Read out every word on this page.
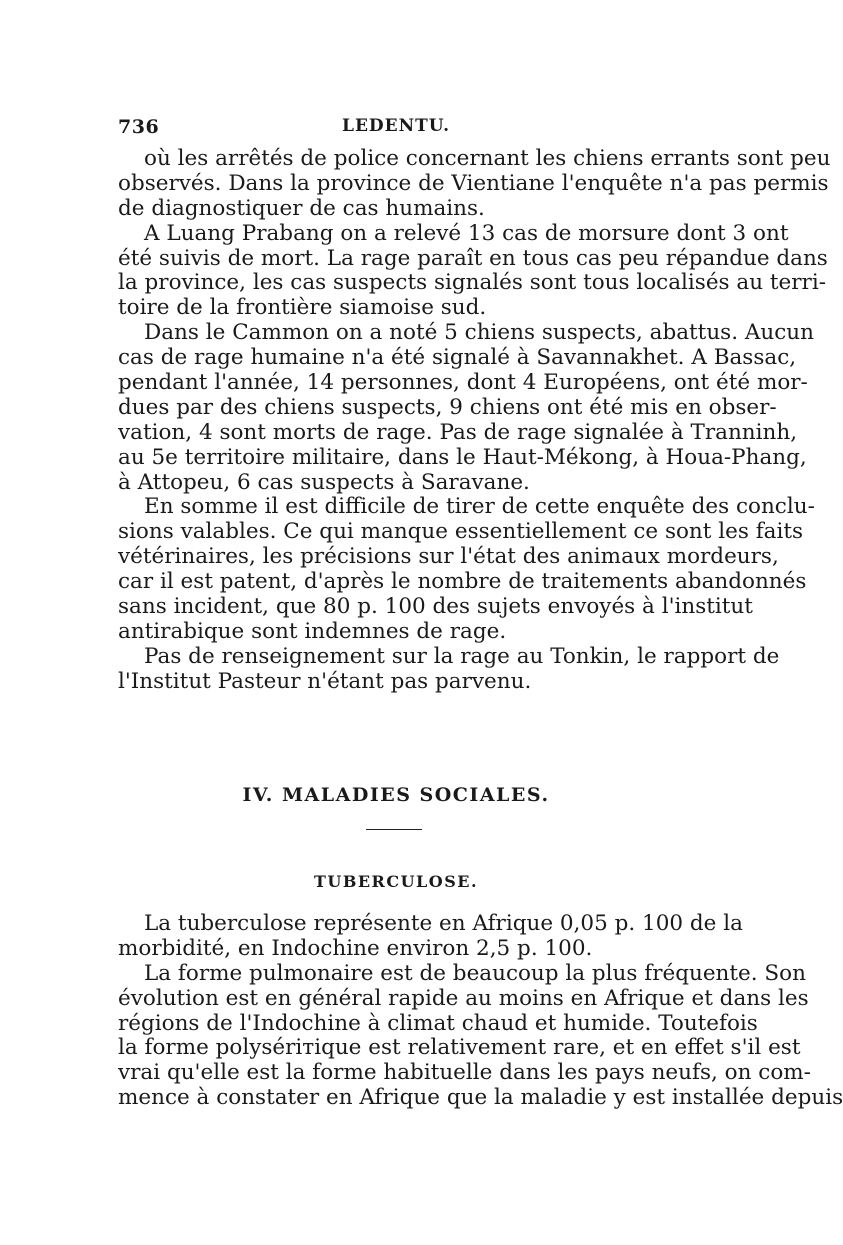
736	LEDENTU.
où les arrêtés de police concernant les chiens errants sont peu
observés. Dans la province de Vientiane l'enquête n'a pas permis
de diagnostiquer de cas humains.
A Luang Prabang on a relevé 13 cas de morsure dont 3 ont
été suivis de mort. La rage paraît en tous cas peu répandue dans
la province, les cas suspects signalés sont tous localisés au terri-
toire de la frontière siamoise sud.
Dans le Cammon on a noté 5 chiens suspects, abattus. Aucun
cas de rage humaine n'a été signalé à Savannakhet. A Bassac,
pendant l'année, 14 personnes, dont 4 Européens, ont été mor-
dues par des chiens suspects, 9 chiens ont été mis en obser-
vation, 4 sont morts de rage. Pas de rage signalée à Tranninh,
au 5e territoire militaire, dans le Haut-Mékong, à Houa-Phang,
à Attopeu, 6 cas suspects à Saravane.
En somme il est difficile de tirer de cette enquête des conclu-
sions valables. Ce qui manque essentiellement ce sont les faits
vétérinaires, les précisions sur l'état des animaux mordeurs,
car il est patent, d'après le nombre de traitements abandonnés
sans incident, que 80 p. 100 des sujets envoyés à l'institut
antirabique sont indemnes de rage.
Pas de renseignement sur la rage au Tonkin, le rapport de
l'Institut Pasteur n'étant pas parvenu.
IV. MALADIES SOCIALES.
TUBERCULOSE.
La tuberculose représente en Afrique 0,05 p. 100 de la
morbidité, en Indochine environ 2,5 p. 100.
La forme pulmonaire est de beaucoup la plus fréquente. Son
évolution est en général rapide au moins en Afrique et dans les
régions de l'Indochine à climat chaud et humide. Toutefois
la forme polysériтique est relativement rare, et en effet s'il est
vrai qu'elle est la forme habituelle dans les pays neufs, on com-
mence à constater en Afrique que la maladie y est installée depuis
